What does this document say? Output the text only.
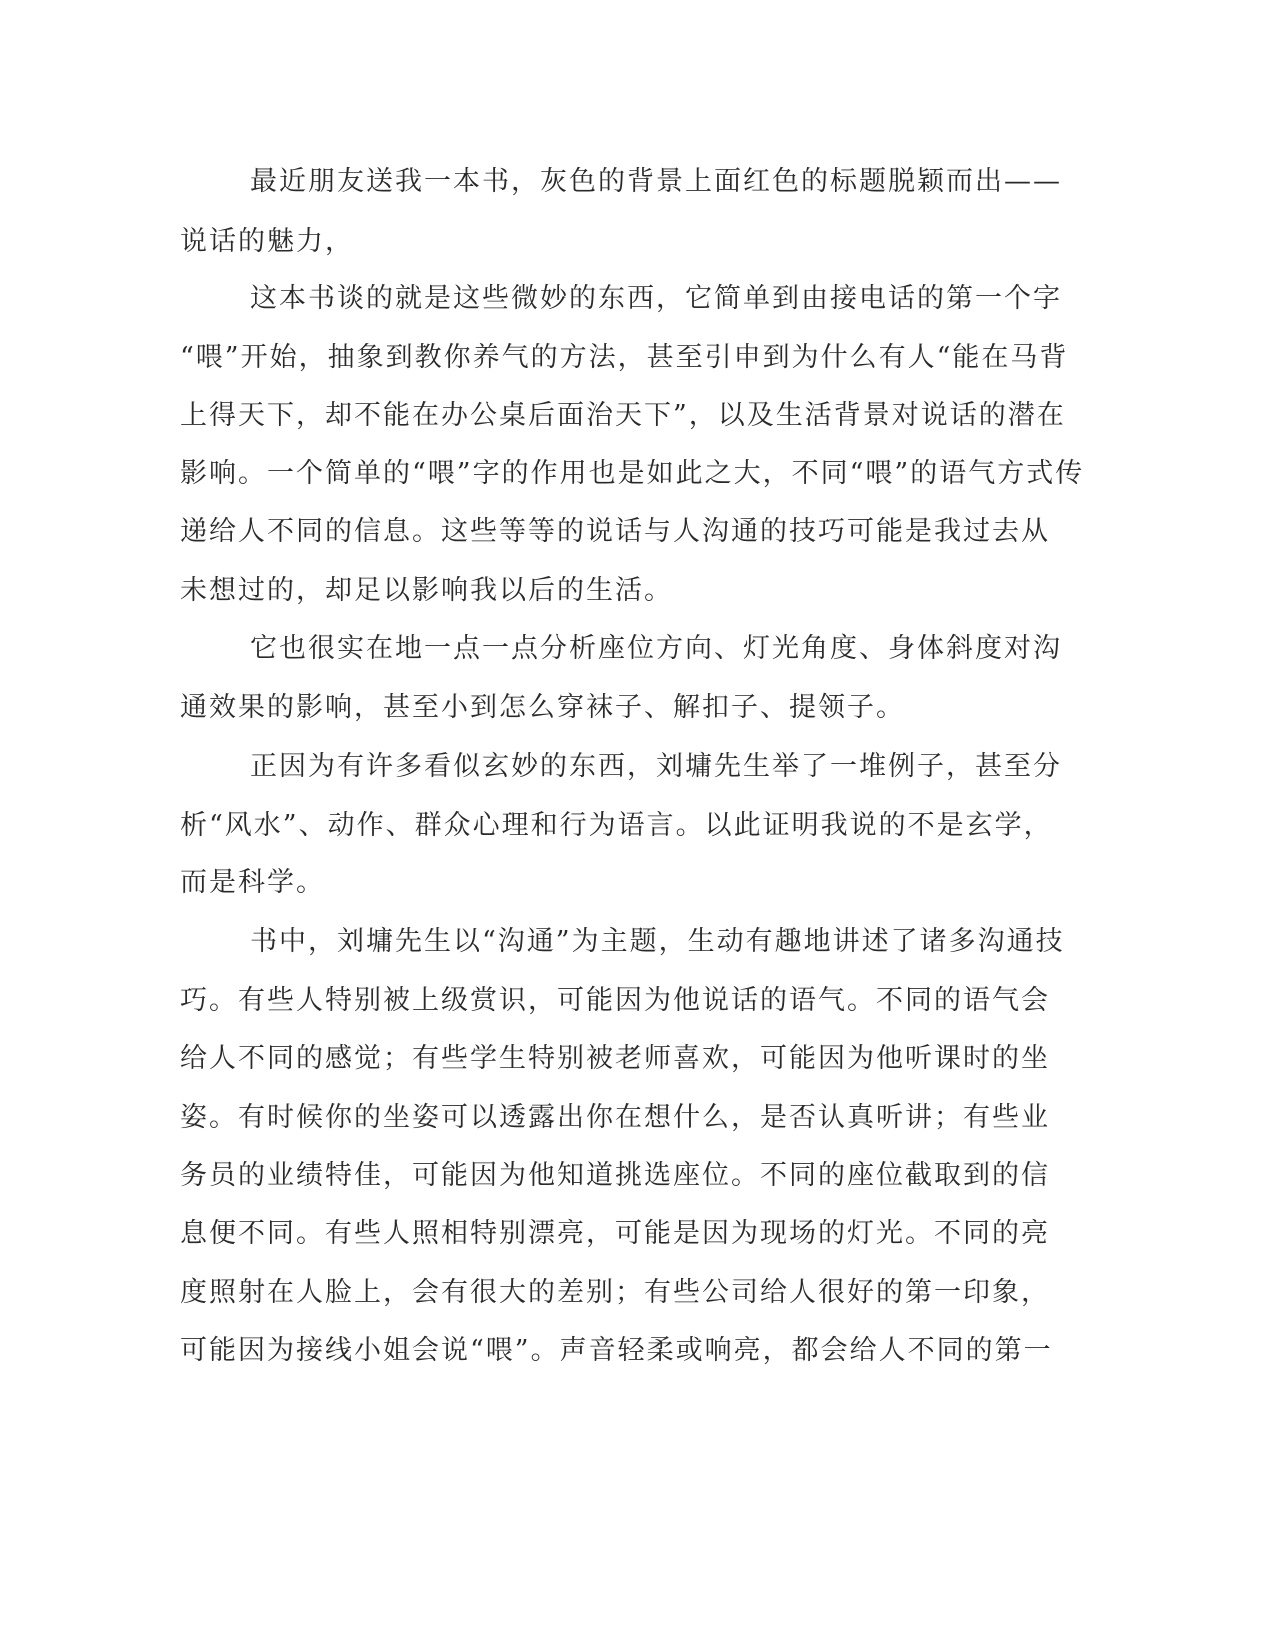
最近朋友送我一本书，灰色的背景上面红色的标题脱颖而出——
说话的魅力，
这本书谈的就是这些微妙的东西，它简单到由接电话的第一个字
“喂”开始，抽象到教你养气的方法，甚至引申到为什么有人“能在马背
上得天下，却不能在办公桌后面治天下”，以及生活背景对说话的潜在
影响。一个简单的“喂”字的作用也是如此之大，不同“喂”的语气方式传
递给人不同的信息。这些等等的说话与人沟通的技巧可能是我过去从
未想过的，却足以影响我以后的生活。
它也很实在地一点一点分析座位方向、灯光角度、身体斜度对沟
通效果的影响，甚至小到怎么穿袜子、解扣子、提领子。
正因为有许多看似玄妙的东西，刘墉先生举了一堆例子，甚至分
析“风水”、动作、群众心理和行为语言。以此证明我说的不是玄学，
而是科学。
书中，刘墉先生以“沟通”为主题，生动有趣地讲述了诸多沟通技
巧。有些人特别被上级赏识，可能因为他说话的语气。不同的语气会
给人不同的感觉；有些学生特别被老师喜欢，可能因为他听课时的坐
姿。有时候你的坐姿可以透露出你在想什么，是否认真听讲；有些业
务员的业绩特佳，可能因为他知道挑选座位。不同的座位截取到的信
息便不同。有些人照相特别漂亮，可能是因为现场的灯光。不同的亮
度照射在人脸上，会有很大的差别；有些公司给人很好的第一印象，
可能因为接线小姐会说“喂”。声音轻柔或响亮，都会给人不同的第一
